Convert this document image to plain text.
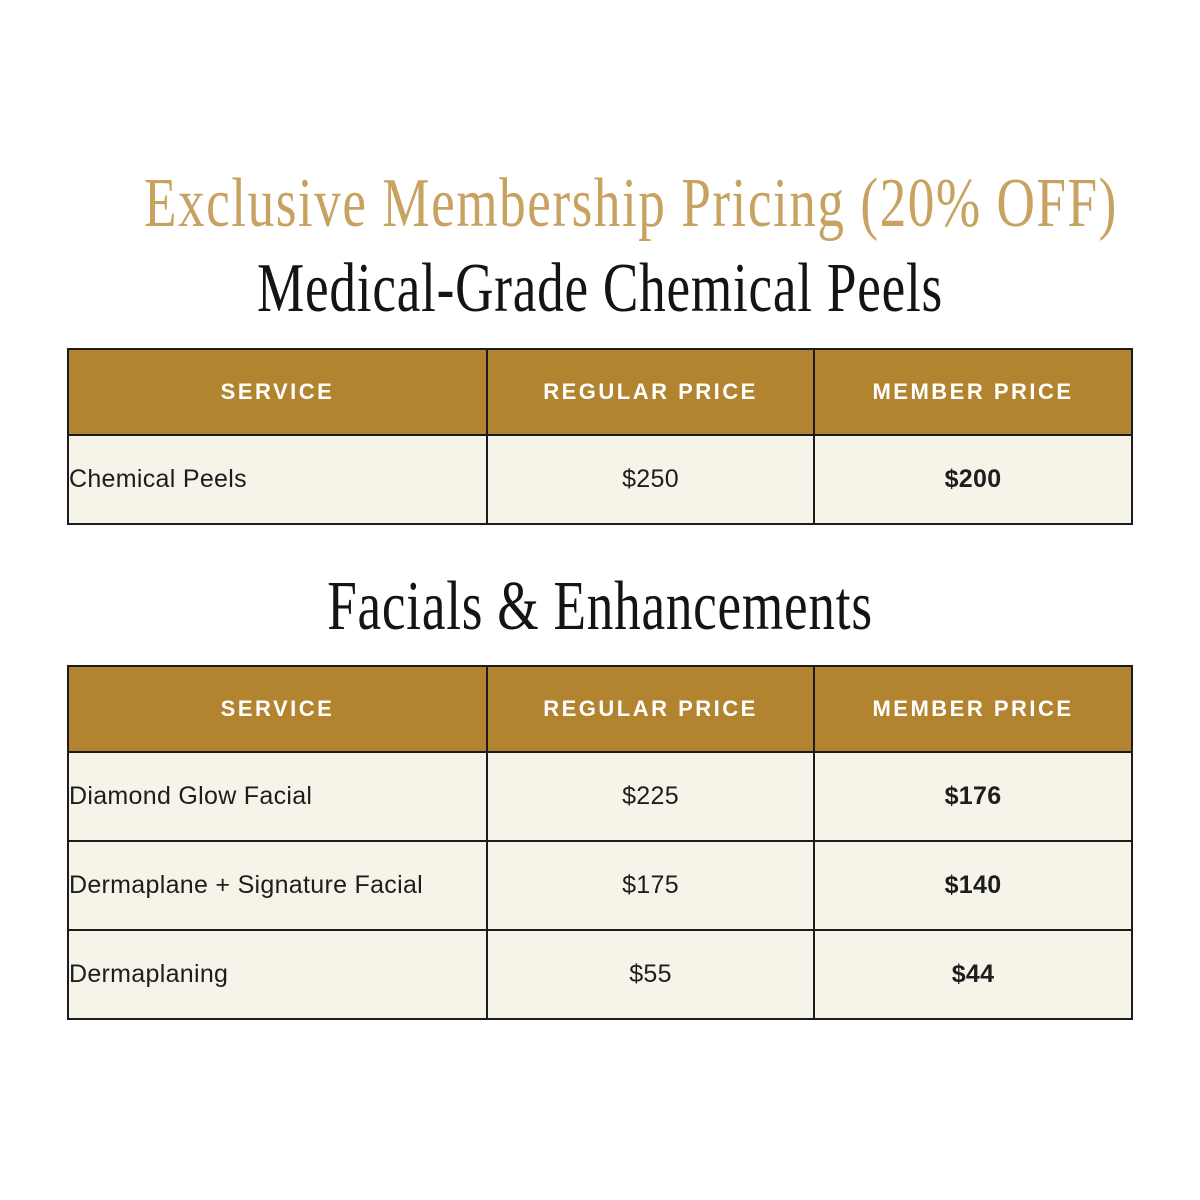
Exclusive Membership Pricing (20% OFF)
Medical-Grade Chemical Peels
SERVICE	REGULAR PRICE	MEMBER PRICE
Chemical Peels	$250	$200
Facials & Enhancements
SERVICE	REGULAR PRICE	MEMBER PRICE
Diamond Glow Facial	$225	$176
Dermaplane + Signature Facial	$175	$140
Dermaplaning	$55	$44
